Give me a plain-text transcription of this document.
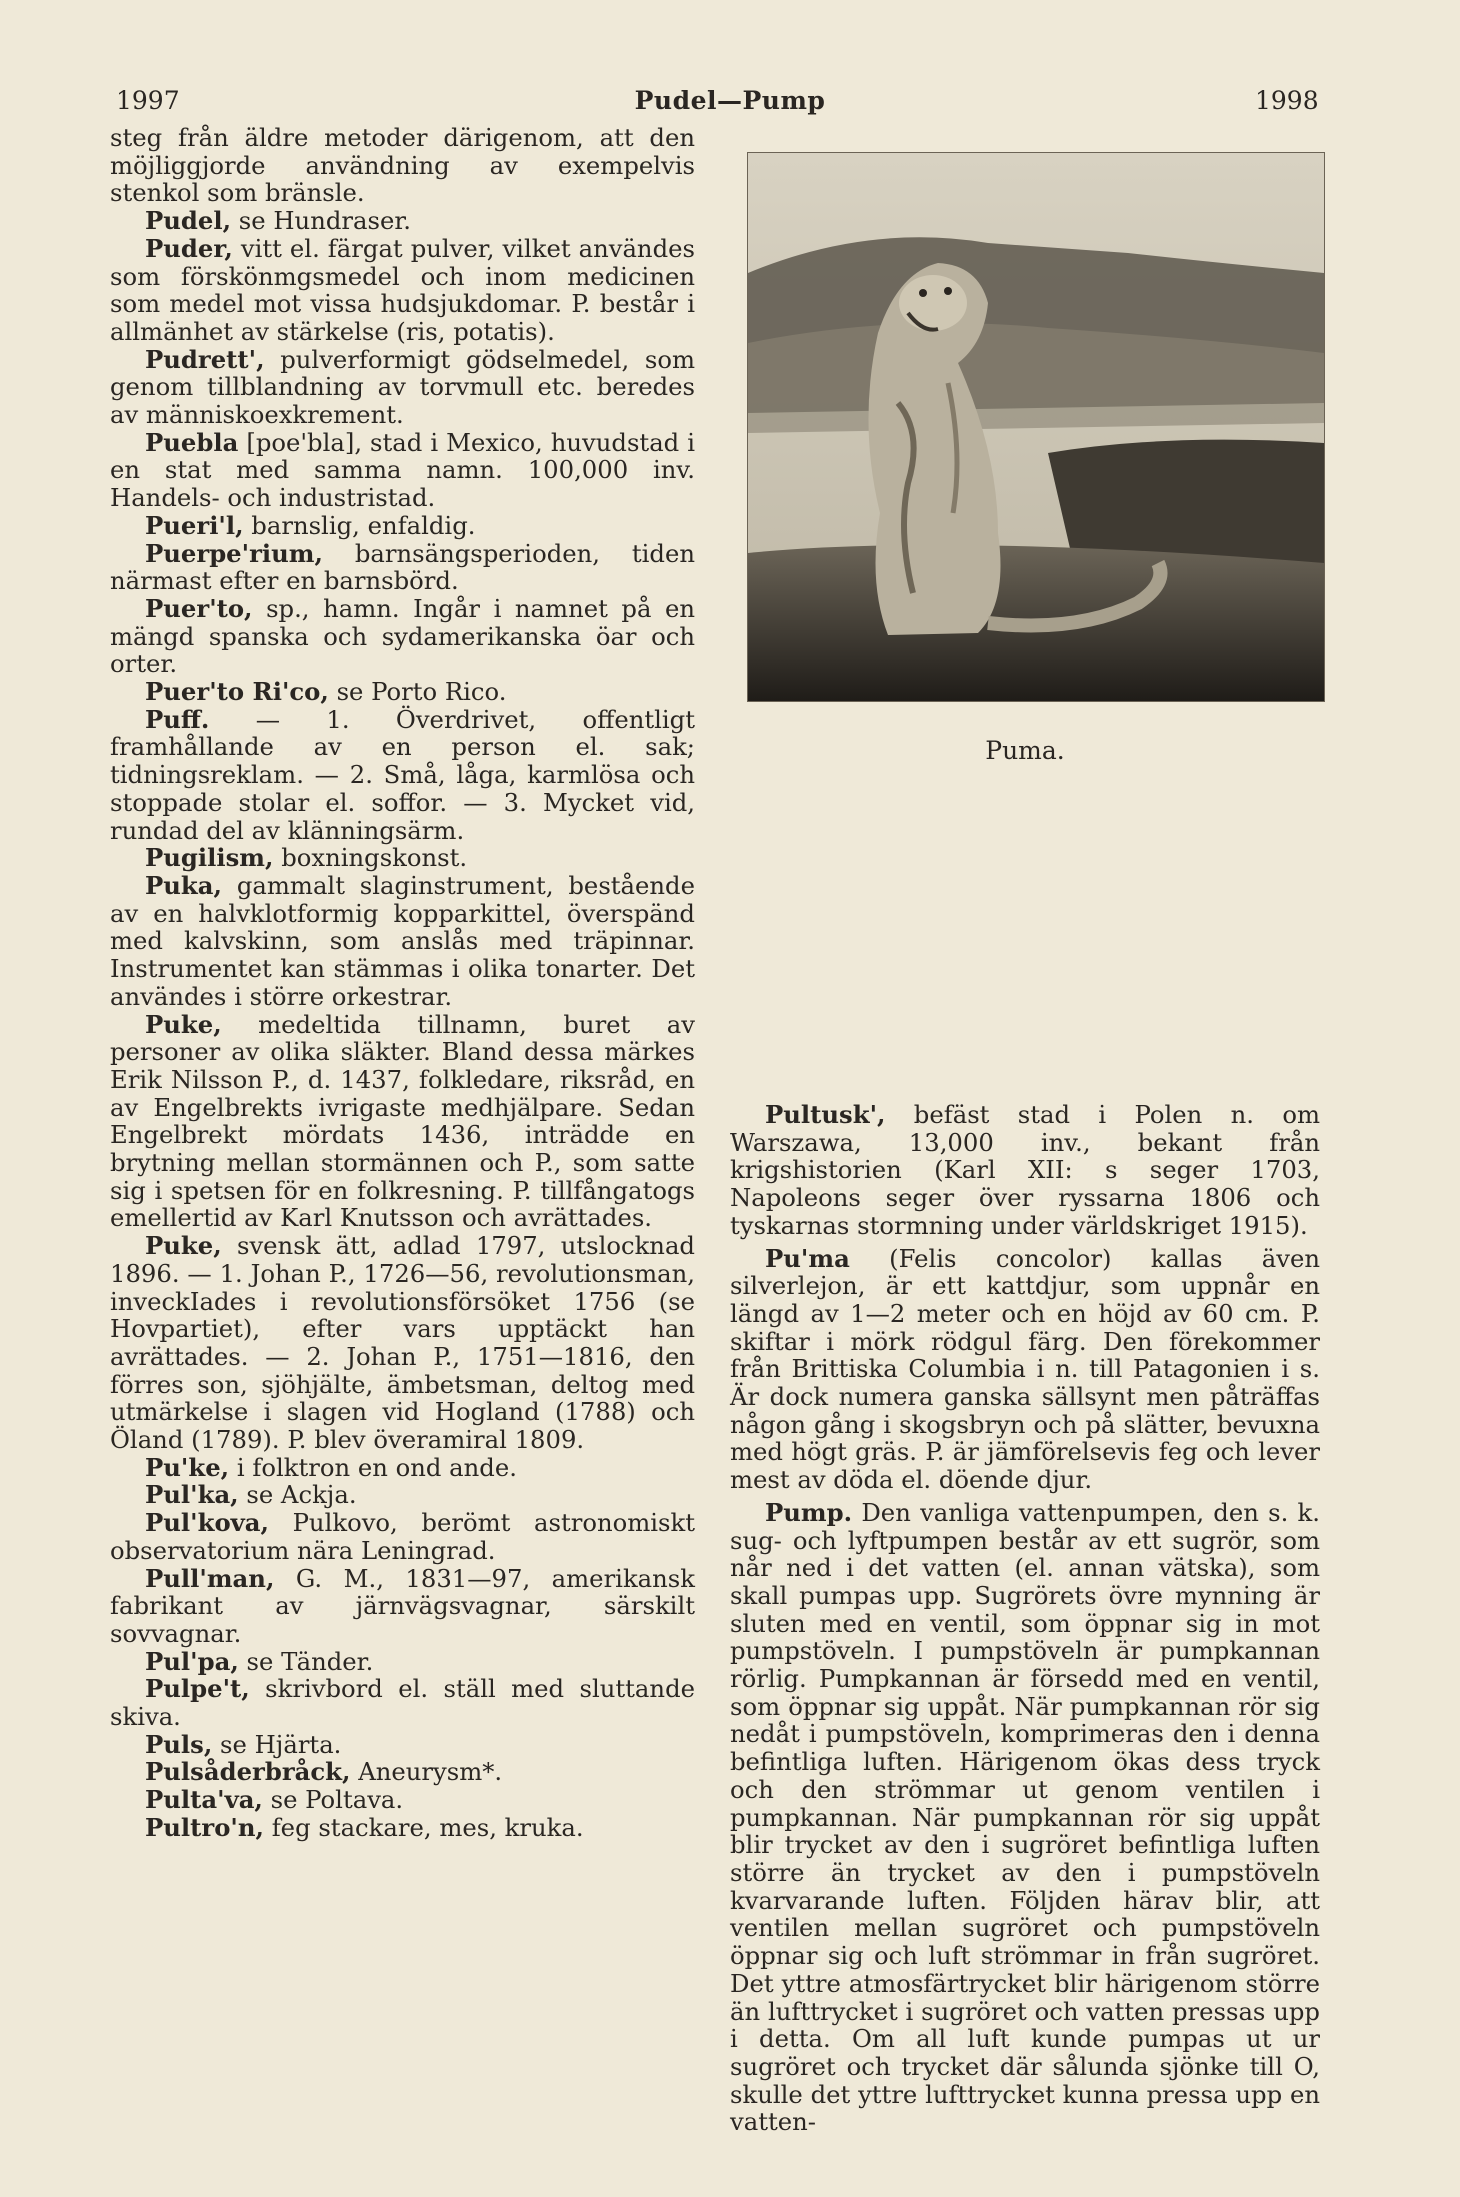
1997	Pudel—Pump	1998

steg från äldre metoder därigenom, att den möjliggjorde användning av exempelvis stenkol som bränsle.

Pudel, se Hundraser.

Puder, vitt el. färgat pulver, vilket användes som förskönmgsmedel och inom medicinen som medel mot vissa hudsjukdomar. P. består i allmänhet av stärkelse (ris, potatis).

Pudrett', pulverformigt gödselmedel, som genom tillblandning av torvmull etc. beredes av människoexkrement.

Puebla [poe'bla], stad i Mexico, huvudstad i en stat med samma namn. 100,000 inv. Handels- och industristad.

Pueri'l, barnslig, enfaldig.

Puerpe'rium, barnsängsperioden, tiden närmast efter en barnsbörd.

Puer'to, sp., hamn. Ingår i namnet på en mängd spanska och sydamerikanska öar och orter.

Puer'to Ri'co, se Porto Rico.

Puff. — 1. Överdrivet, offentligt framhållande av en person el. sak; tidningsreklam. — 2. Små, låga, karmlösa och stoppade stolar el. soffor. — 3. Mycket vid, rundad del av klänningsärm.

Pugilism, boxningskonst.

Puka, gammalt slaginstrument, bestående av en halvklotformig kopparkittel, överspänd med kalvskinn, som anslås med träpinnar. Instrumentet kan stämmas i olika tonarter. Det användes i större orkestrar.

Puke, medeltida tillnamn, buret av personer av olika släkter. Bland dessa märkes Erik Nilsson P., d. 1437, folkledare, riksråd, en av Engelbrekts ivrigaste medhjälpare. Sedan Engelbrekt mördats 1436, inträdde en brytning mellan stormännen och P., som satte sig i spetsen för en folkresning. P. tillfångatogs emellertid av Karl Knutsson och avrättades.

Puke, svensk ätt, adlad 1797, utslocknad 1896. — 1. Johan P., 1726—56, revolutionsman, inveckIades i revolutionsförsöket 1756 (se Hovpartiet), efter vars upptäckt han avrättades. — 2. Johan P., 1751—1816, den förres son, sjöhjälte, ämbetsman, deltog med utmärkelse i slagen vid Hogland (1788) och Öland (1789). P. blev överamiral 1809.

Pu'ke, i folktron en ond ande.

Pul'ka, se Ackja.

Pul'kova, Pulkovo, berömt astronomiskt observatorium nära Leningrad.

Pull'man, G. M., 1831—97, amerikansk fabrikant av järnvägsvagnar, särskilt sovvagnar.

Pul'pa, se Tänder.

Pulpe't, skrivbord el. ställ med sluttande skiva.

Puls, se Hjärta.

Pulsåderbråck, Aneurysm*.

Pulta'va, se Poltava.

Pultro'n, feg stackare, mes, kruka.

Puma.

Pultusk', befäst stad i Polen n. om Warszawa, 13,000 inv., bekant från krigshistorien (Karl XII: s seger 1703, Napoleons seger över ryssarna 1806 och tyskarnas stormning under världskriget 1915).

Pu'ma (Felis concolor) kallas även silverlejon, är ett kattdjur, som uppnår en längd av 1—2 meter och en höjd av 60 cm. P. skiftar i mörk rödgul färg. Den förekommer från Brittiska Columbia i n. till Patagonien i s. Är dock numera ganska sällsynt men påträffas någon gång i skogsbryn och på slätter, bevuxna med högt gräs. P. är jämförelsevis feg och lever mest av döda el. döende djur.

Pump. Den vanliga vattenpumpen, den s. k. sug- och lyftpumpen består av ett sugrör, som når ned i det vatten (el. annan vätska), som skall pumpas upp. Sugrörets övre mynning är sluten med en ventil, som öppnar sig in mot pumpstöveln. I pumpstöveln är pumpkannan rörlig. Pumpkannan är försedd med en ventil, som öppnar sig uppåt. När pumpkannan rör sig nedåt i pumpstöveln, komprimeras den i denna befintliga luften. Härigenom ökas dess tryck och den strömmar ut genom ventilen i pumpkannan. När pumpkannan rör sig uppåt blir trycket av den i sugröret befintliga luften större än trycket av den i pumpstöveln kvarvarande luften. Följden härav blir, att ventilen mellan sugröret och pumpstöveln öppnar sig och luft strömmar in från sugröret. Det yttre atmosfärtrycket blir härigenom större än lufttrycket i sugröret och vatten pressas upp i detta. Om all luft kunde pumpas ut ur sugröret och trycket där sålunda sjönke till O, skulle det yttre lufttrycket kunna pressa upp en vatten-
